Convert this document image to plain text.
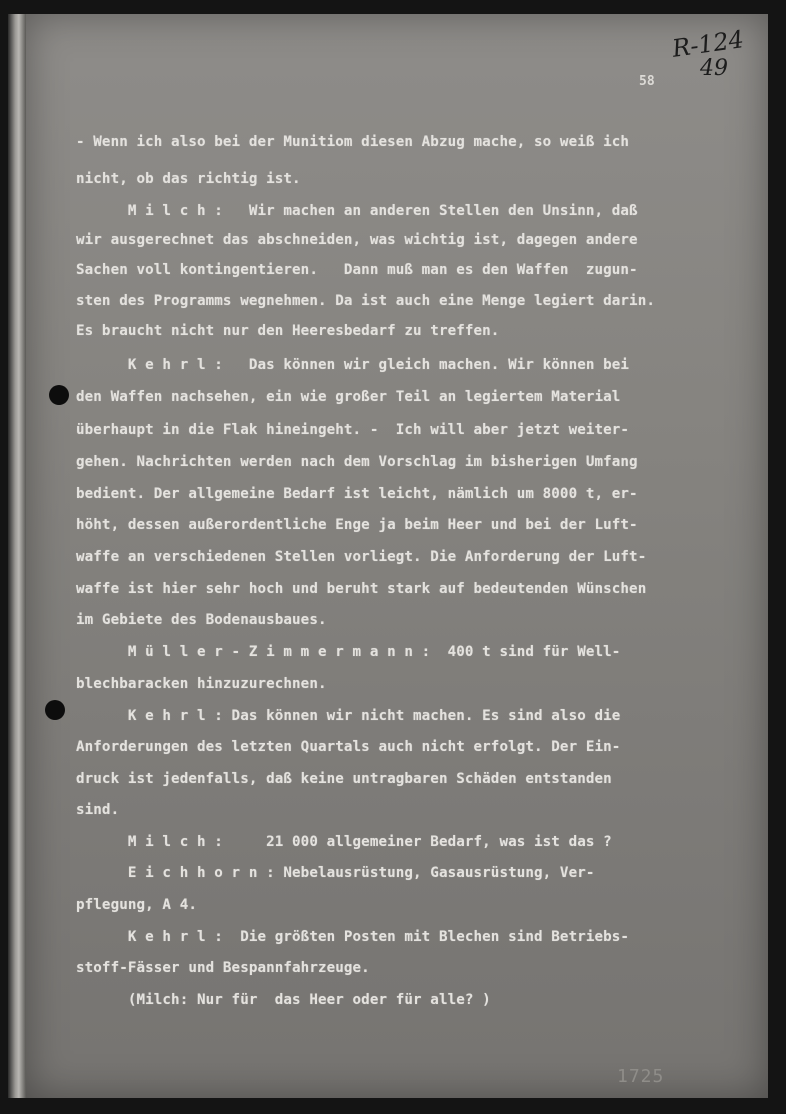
R-124
49
58
- Wenn ich also bei der Munitiom diesen Abzug mache, so weiß ich
nicht, ob das richtig ist.
M i l c h :   Wir machen an anderen Stellen den Unsinn, daß
wir ausgerechnet das abschneiden, was wichtig ist, dagegen andere
Sachen voll kontingentieren.   Dann muß man es den Waffen  zugun-
sten des Programms wegnehmen. Da ist auch eine Menge legiert darin.
Es braucht nicht nur den Heeresbedarf zu treffen.
K e h r l :   Das können wir gleich machen. Wir können bei
den Waffen nachsehen, ein wie großer Teil an legiertem Material
überhaupt in die Flak hineingeht. -  Ich will aber jetzt weiter-
gehen. Nachrichten werden nach dem Vorschlag im bisherigen Umfang
bedient. Der allgemeine Bedarf ist leicht, nämlich um 8000 t, er-
höht, dessen außerordentliche Enge ja beim Heer und bei der Luft-
waffe an verschiedenen Stellen vorliegt. Die Anforderung der Luft-
waffe ist hier sehr hoch und beruht stark auf bedeutenden Wünschen
im Gebiete des Bodenausbaues.
M ü l l e r - Z i m m e r m a n n :  400 t sind für Well-
blechbaracken hinzuzurechnen.
K e h r l : Das können wir nicht machen. Es sind also die
Anforderungen des letzten Quartals auch nicht erfolgt. Der Ein-
druck ist jedenfalls, daß keine untragbaren Schäden entstanden
sind.
M i l c h :     21 000 allgemeiner Bedarf, was ist das ?
E i c h h o r n : Nebelausrüstung, Gasausrüstung, Ver-
pflegung, A 4.
K e h r l :  Die größten Posten mit Blechen sind Betriebs-
stoff-Fässer und Bespannfahrzeuge.
(Milch: Nur für  das Heer oder für alle? )
1725
